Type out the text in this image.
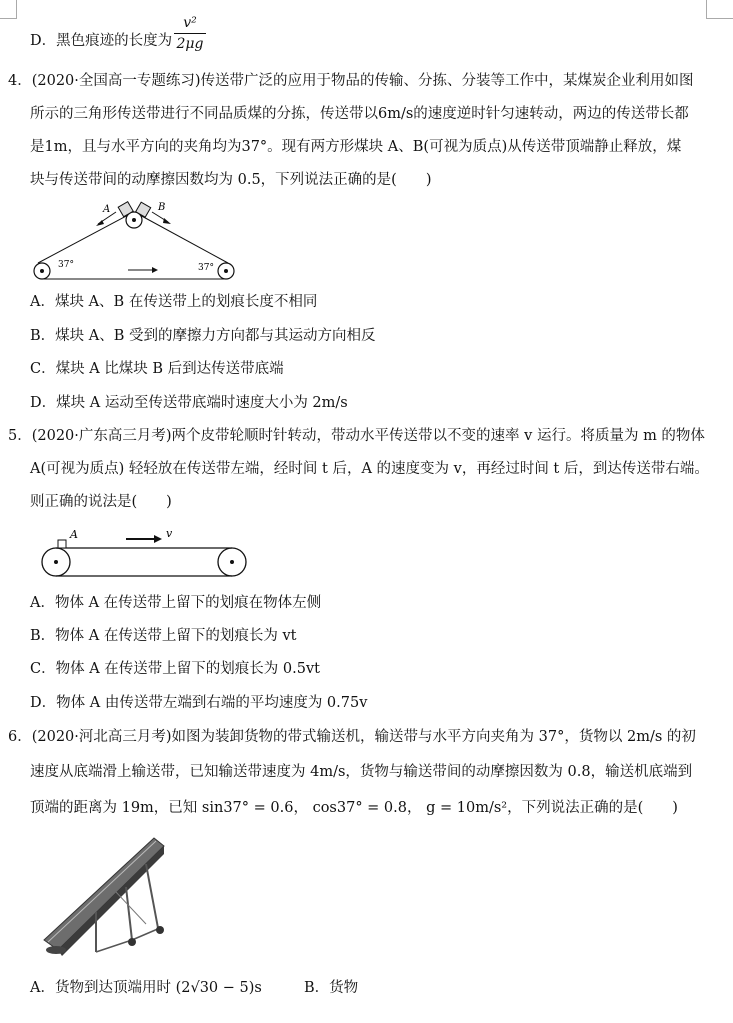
D．黑色痕迹的长度为
v²
2μg
4．(2020·全国高一专题练习)传送带广泛的应用于物品的传输、分拣、分装等工作中，某煤炭企业利用如图
所示的三角形传送带进行不同品质煤的分拣，传送带以6m/s的速度逆时针匀速转动，两边的传送带长都
是1m，且与水平方向的夹角均为37°。现有两方形煤块 A、B(可视为质点)从传送带顶端静止释放，煤
块与传送带间的动摩擦因数均为 0.5，下列说法正确的是(　　)
A	B
37°	37°
A．煤块 A、B 在传送带上的划痕长度不相同
B．煤块 A、B 受到的摩擦力方向都与其运动方向相反
C．煤块 A 比煤块 B 后到达传送带底端
D．煤块 A 运动至传送带底端时速度大小为 2m/s
5．(2020·广东高三月考)两个皮带轮顺时针转动，带动水平传送带以不变的速率 v 运行。将质量为 m 的物体
A(可视为质点) 轻轻放在传送带左端，经时间 t 后，A 的速度变为 v，再经过时间 t 后，到达传送带右端。
则正确的说法是(　　)
A	v
A．物体 A 在传送带上留下的划痕在物体左侧
B．物体 A 在传送带上留下的划痕长为 vt
C．物体 A 在传送带上留下的划痕长为 0.5vt
D．物体 A 由传送带左端到右端的平均速度为 0.75v
6．(2020·河北高三月考)如图为装卸货物的带式输送机，输送带与水平方向夹角为 37°，货物以 2m/s 的初
速度从底端滑上输送带，已知输送带速度为 4m/s，货物与输送带间的动摩擦因数为 0.8，输送机底端到
顶端的距离为 19m，已知 sin37° = 0.6， cos37° = 0.8， g = 10m/s²，下列说法正确的是(　　)
A．货物到达顶端用时 (2√30 − 5)s	B．货物
